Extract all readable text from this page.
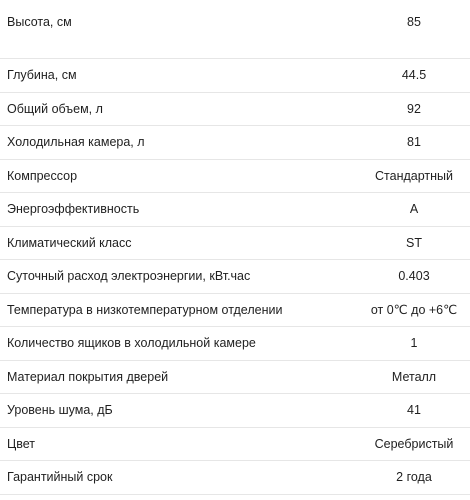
Высота, см	85
Глубина, см	44.5
Общий объем, л	92
Холодильная камера, л	81
Компрессор	Стандартный
Энергоэффективность	A
Климатический класс	ST
Суточный расход электроэнергии, кВт.час	0.403
Температура в низкотемпературном отделении	от 0℃ до +6℃
Количество ящиков в холодильной камере	1
Материал покрытия дверей	Металл
Уровень шума, дБ	41
Цвет	Серебристый
Гарантийный срок	2 года
